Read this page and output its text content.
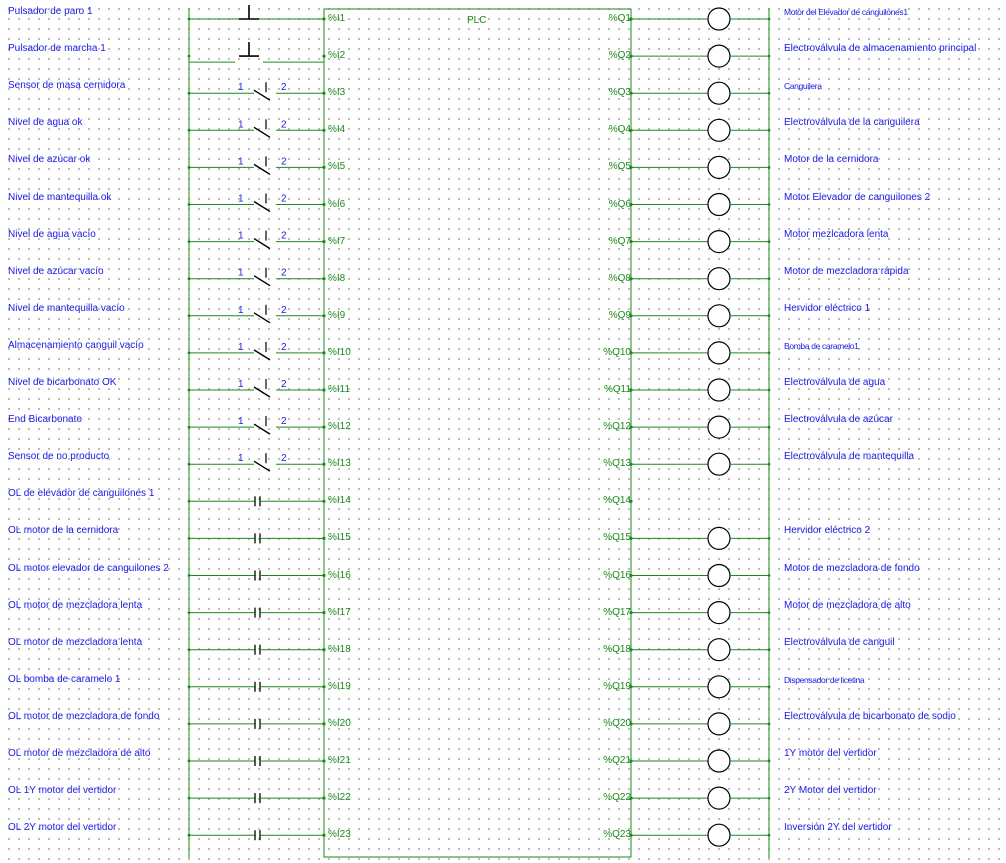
1	2
1	2
1	2
1	2
1	2
1	2
1	2
1	2
1	2
1	2
1	2
Pulsador de paro 1
%I1
Pulsador de marcha 1
%I2
Sensor de masa cernidora
%I3
Nivel de agua ok
%I4
Nivel de azúcar ok
%I5
Nivel de mantequilla ok
%I6
Nivel de agua vacío
%I7
Nivel de azúcar vacío
%I8
Nivel de mantequilla vacío
%I9
Almacenamiento canguil vacío
%I10
Nivel de bicarbonato OK
%I11
End Bicarbonato
%I12
Sensor de no producto
%I13
OL de elevador de canguilones 1
%I14
OL motor de la cernidora
%I15
OL motor elevador de canguilones 2
%I16
OL motor de mezcladora lenta
%I17
OL motor de mezcladora lenta
%I18
OL bomba de caramelo 1
%I19
OL motor de mezcladora de fondo
%I20
OL motor de mezcladora de alto
%I21
OL 1Y motor del vertidor
%I22
OL 2Y motor del vertidor
%I23
%Q1
Motor del Elevador de canguilones1
%Q2
Electroválvula de almacenamiento principal
%Q3
Canguilera
%Q4
Electroválvula de la canguilera
%Q5
Motor de la cernidora
%Q6
Motor Elevador de canguilones 2
%Q7
Motor mezlcadora lenta
%Q8
Motor de mezcladora rápida
%Q9
Hervidor eléctrico 1
%Q10
Bomba de caramelo1
%Q11
Electroválvula de agua
%Q12
Electroválvula de azúcar
%Q13
Electroválvula de mantequilla
%Q14
%Q15
Hervidor eléctrico 2
%Q16
Motor de mezcladora de fondo
%Q17
Motor de mezcladora de alto
%Q18
Electroválvula de canguil
%Q19
Dispensador de licetina
%Q20
Electroválvula de bicarbonato de sodio
%Q21
1Y motor del vertidor
%Q22
2Y Motor del vertidor
%Q23
Inversión 2Y del vertidor
PLC
